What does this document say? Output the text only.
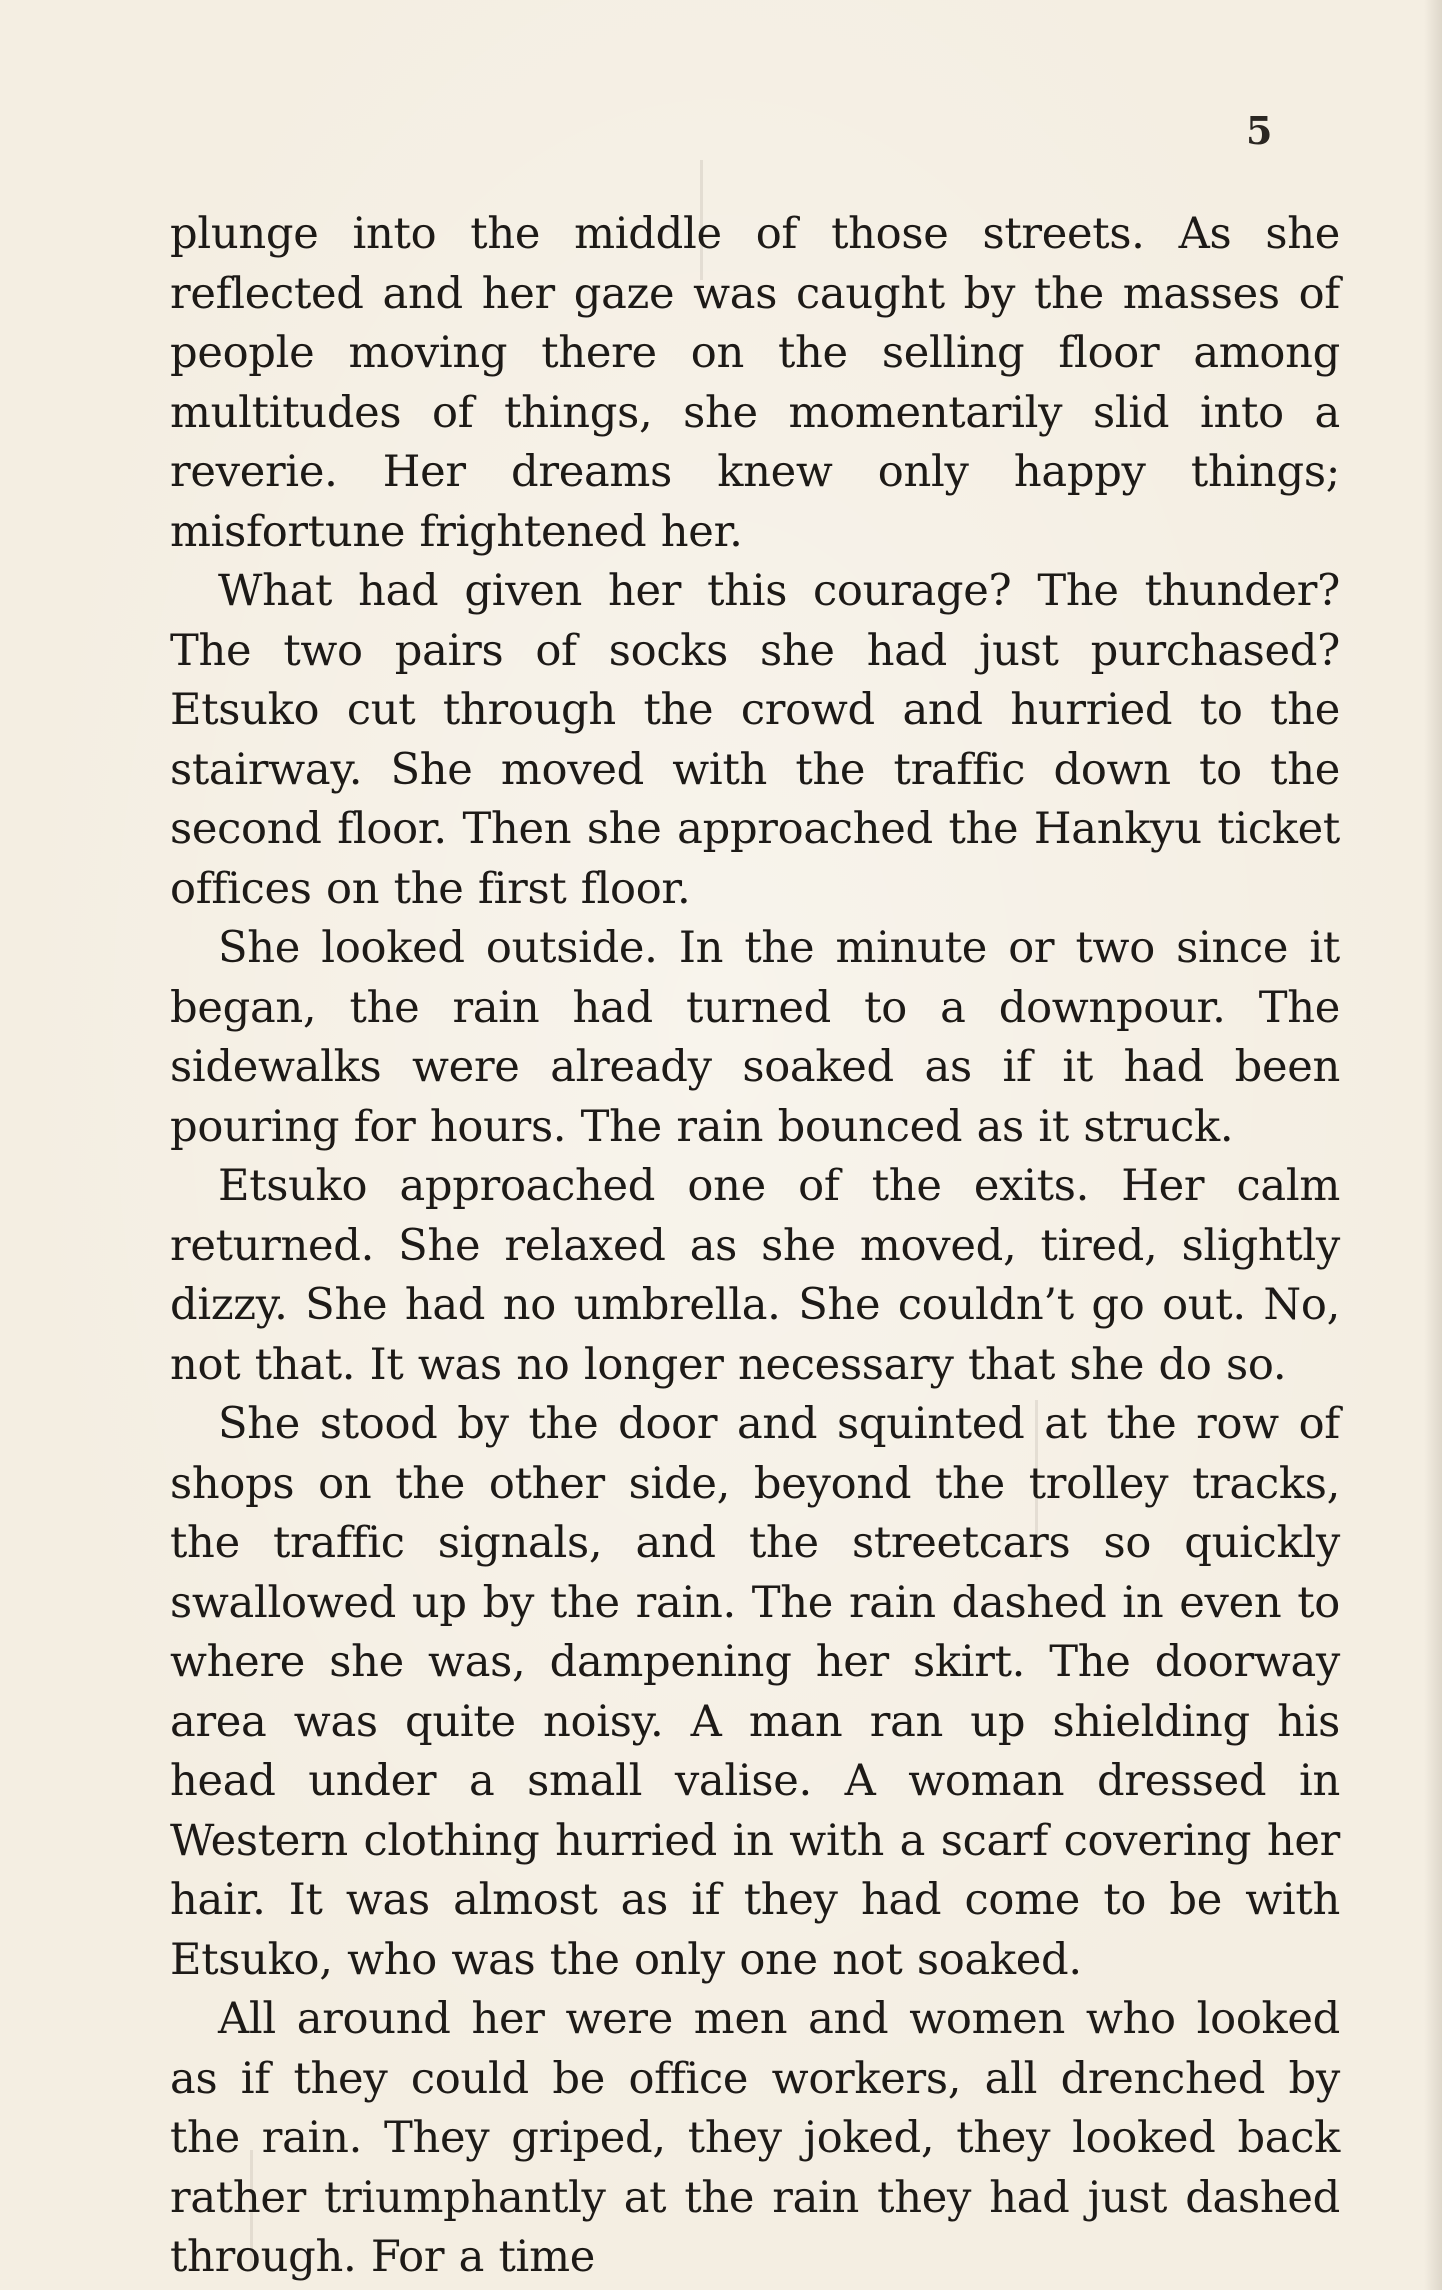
5

plunge into the middle of those streets. As she reflected and her gaze was caught by the masses of people moving there on the selling floor among multitudes of things, she momentarily slid into a reverie. Her dreams knew only happy things; misfortune frightened her.

What had given her this courage? The thunder? The two pairs of socks she had just purchased? Etsuko cut through the crowd and hurried to the stairway. She moved with the traffic down to the second floor. Then she approached the Hankyu ticket offices on the first floor.

She looked outside. In the minute or two since it began, the rain had turned to a downpour. The sidewalks were already soaked as if it had been pouring for hours. The rain bounced as it struck.

Etsuko approached one of the exits. Her calm returned. She relaxed as she moved, tired, slightly dizzy. She had no umbrella. She couldn’t go out. No, not that. It was no longer necessary that she do so.

She stood by the door and squinted at the row of shops on the other side, beyond the trolley tracks, the traffic signals, and the streetcars so quickly swallowed up by the rain. The rain dashed in even to where she was, dampening her skirt. The doorway area was quite noisy. A man ran up shielding his head under a small valise. A woman dressed in Western clothing hurried in with a scarf covering her hair. It was almost as if they had come to be with Etsuko, who was the only one not soaked.

All around her were men and women who looked as if they could be office workers, all drenched by the rain. They griped, they joked, they looked back rather triumphantly at the rain they had just dashed through. For a time
